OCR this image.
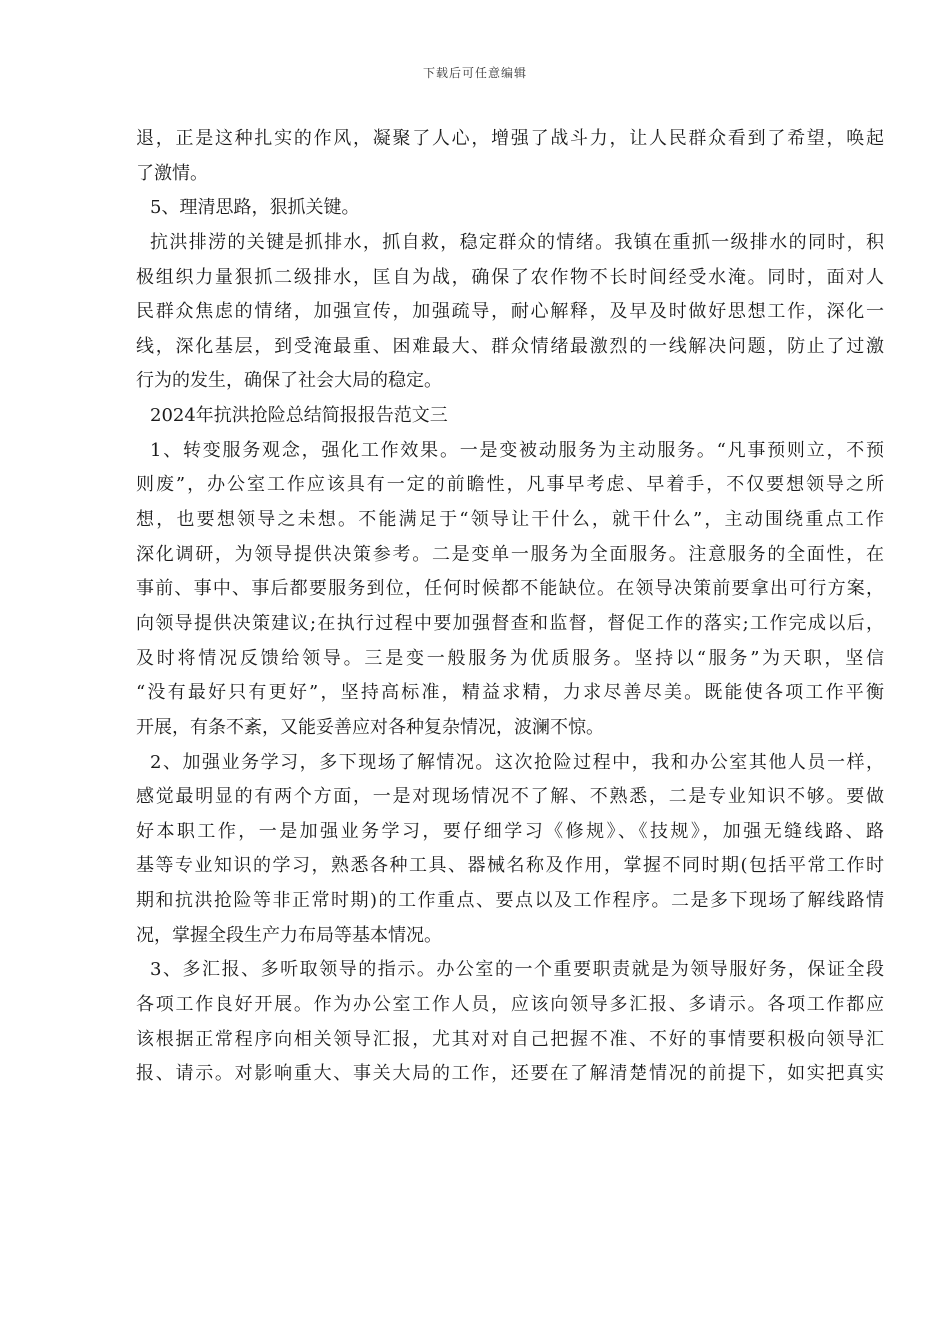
下载后可任意编辑
退，正是这种扎实的作风，凝聚了人心，增强了战斗力，让人民群众看到了希望，唤起
了激情。
5、理清思路，狠抓关键。
抗洪排涝的关键是抓排水，抓自救，稳定群众的情绪。我镇在重抓一级排水的同时，积
极组织力量狠抓二级排水，匡自为战，确保了农作物不长时间经受水淹。同时，面对人
民群众焦虑的情绪，加强宣传，加强疏导，耐心解释，及早及时做好思想工作，深化一
线，深化基层，到受淹最重、困难最大、群众情绪最激烈的一线解决问题，防止了过激
行为的发生，确保了社会大局的稳定。
2024年抗洪抢险总结简报报告范文三
1、转变服务观念，强化工作效果。一是变被动服务为主动服务。“凡事预则立，不预
则废”，办公室工作应该具有一定的前瞻性，凡事早考虑、早着手，不仅要想领导之所
想，也要想领导之未想。不能满足于“领导让干什么，就干什么”，主动围绕重点工作
深化调研，为领导提供决策参考。二是变单一服务为全面服务。注意服务的全面性，在
事前、事中、事后都要服务到位，任何时候都不能缺位。在领导决策前要拿出可行方案，
向领导提供决策建议;在执行过程中要加强督查和监督，督促工作的落实;工作完成以后，
及时将情况反馈给领导。三是变一般服务为优质服务。坚持以“服务”为天职，坚信
“没有最好只有更好”，坚持高标准，精益求精，力求尽善尽美。既能使各项工作平衡
开展，有条不紊，又能妥善应对各种复杂情况，波澜不惊。
2、加强业务学习，多下现场了解情况。这次抢险过程中，我和办公室其他人员一样，
感觉最明显的有两个方面，一是对现场情况不了解、不熟悉，二是专业知识不够。要做
好本职工作，一是加强业务学习，要仔细学习《修规》、《技规》，加强无缝线路、路
基等专业知识的学习，熟悉各种工具、器械名称及作用，掌握不同时期(包括平常工作时
期和抗洪抢险等非正常时期)的工作重点、要点以及工作程序。二是多下现场了解线路情
况，掌握全段生产力布局等基本情况。
3、多汇报、多听取领导的指示。办公室的一个重要职责就是为领导服好务，保证全段
各项工作良好开展。作为办公室工作人员，应该向领导多汇报、多请示。各项工作都应
该根据正常程序向相关领导汇报，尤其对对自己把握不准、不好的事情要积极向领导汇
报、请示。对影响重大、事关大局的工作，还要在了解清楚情况的前提下，如实把真实
